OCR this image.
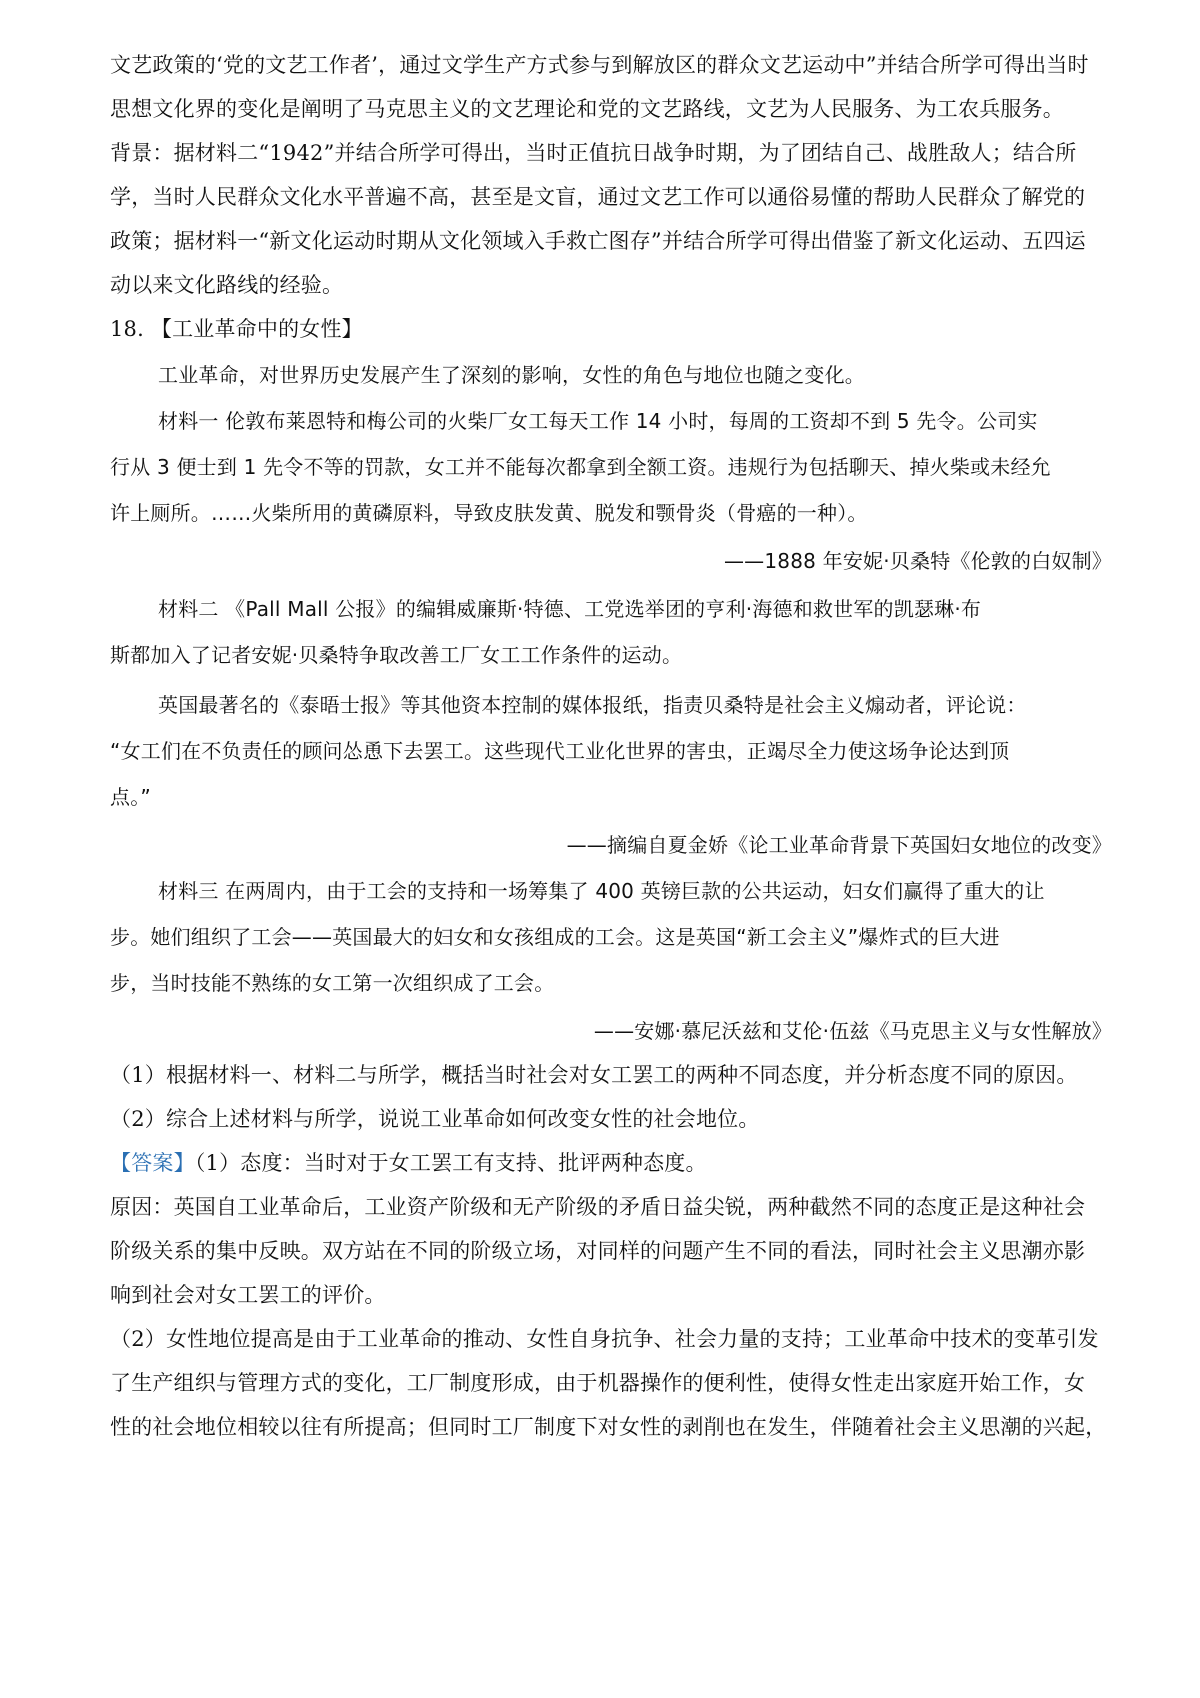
文艺政策的‘党的文艺工作者’，通过文学生产方式参与到解放区的群众文艺运动中”并结合所学可得出当时
思想文化界的变化是阐明了马克思主义的文艺理论和党的文艺路线，文艺为人民服务、为工农兵服务。
背景：据材料二“1942”并结合所学可得出，当时正值抗日战争时期，为了团结自己、战胜敌人；结合所
学，当时人民群众文化水平普遍不高，甚至是文盲，通过文艺工作可以通俗易懂的帮助人民群众了解党的
政策；据材料一“新文化运动时期从文化领域入手救亡图存”并结合所学可得出借鉴了新文化运动、五四运
动以来文化路线的经验。
18. 【工业革命中的女性】
工业革命，对世界历史发展产生了深刻的影响，女性的角色与地位也随之变化。
材料一 伦敦布莱恩特和梅公司的火柴厂女工每天工作 14 小时，每周的工资却不到 5 先令。公司实
行从 3 便士到 1 先令不等的罚款，女工并不能每次都拿到全额工资。违规行为包括聊天、掉火柴或未经允
许上厕所。……火柴所用的黄磷原料，导致皮肤发黄、脱发和颚骨炎（骨癌的一种）。
——1888 年安妮·贝桑特《伦敦的白奴制》
材料二 《Pall Mall 公报》的编辑威廉斯·特德、工党选举团的亨利·海德和救世军的凯瑟琳·布
斯都加入了记者安妮·贝桑特争取改善工厂女工工作条件的运动。
英国最著名的《泰晤士报》等其他资本控制的媒体报纸，指责贝桑特是社会主义煽动者，评论说：
“女工们在不负责任的顾问怂恿下去罢工。这些现代工业化世界的害虫，正竭尽全力使这场争论达到顶
点。”
——摘编自夏金娇《论工业革命背景下英国妇女地位的改变》
材料三 在两周内，由于工会的支持和一场筹集了 400 英镑巨款的公共运动，妇女们赢得了重大的让
步。她们组织了工会——英国最大的妇女和女孩组成的工会。这是英国“新工会主义”爆炸式的巨大进
步，当时技能不熟练的女工第一次组织成了工会。
——安娜·慕尼沃兹和艾伦·伍兹《马克思主义与女性解放》
（1）根据材料一、材料二与所学，概括当时社会对女工罢工的两种不同态度，并分析态度不同的原因。
（2）综合上述材料与所学，说说工业革命如何改变女性的社会地位。
【答案】（1）态度：当时对于女工罢工有支持、批评两种态度。
原因：英国自工业革命后，工业资产阶级和无产阶级的矛盾日益尖锐，两种截然不同的态度正是这种社会
阶级关系的集中反映。双方站在不同的阶级立场，对同样的问题产生不同的看法，同时社会主义思潮亦影
响到社会对女工罢工的评价。
（2）女性地位提高是由于工业革命的推动、女性自身抗争、社会力量的支持；工业革命中技术的变革引发
了生产组织与管理方式的变化，工厂制度形成，由于机器操作的便利性，使得女性走出家庭开始工作，女
性的社会地位相较以往有所提高；但同时工厂制度下对女性的剥削也在发生，伴随着社会主义思潮的兴起，
